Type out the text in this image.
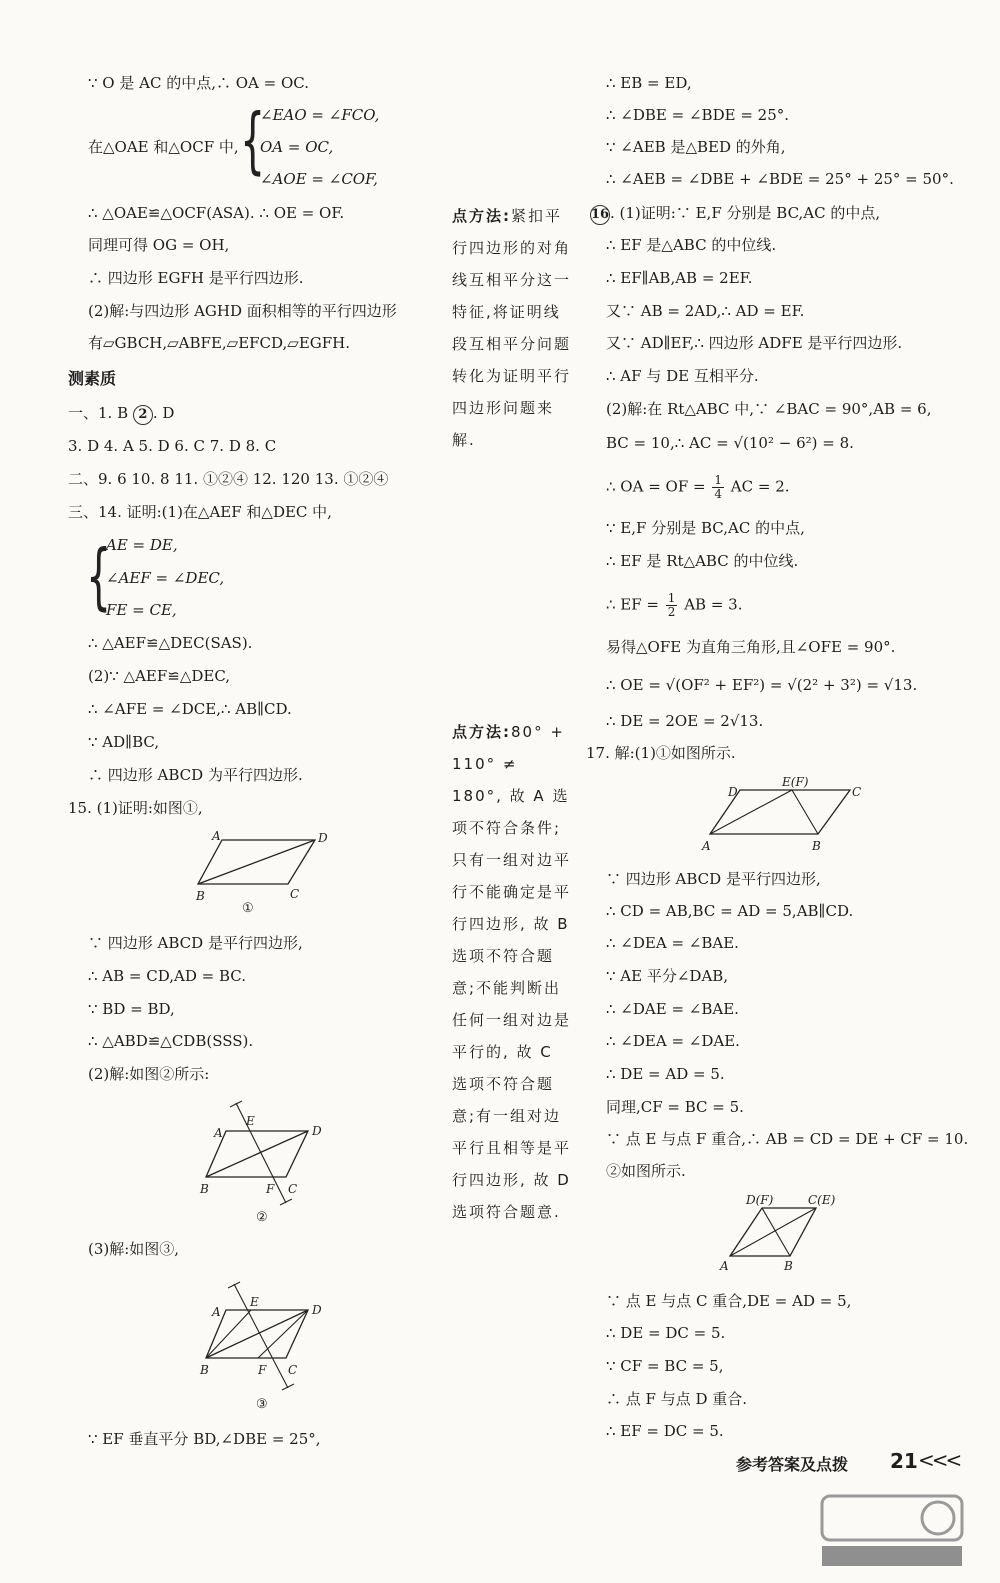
∵ O 是 AC 的中点,∴ OA = OC.
在△OAE 和△OCF 中, {
∠EAO = ∠FCO,
OA = OC,
∠AOE = ∠COF,
∴ △OAE≌△OCF(ASA). ∴ OE = OF.
同理可得 OG = OH,
∴ 四边形 EGFH 是平行四边形.
(2)解:与四边形 AGHD 面积相等的平行四边形
有▱GBCH,▱ABFE,▱EFCD,▱EGFH.
测素质
一、1. B 2 . D
3. D 4. A 5. D 6. C 7. D 8. C
二、9. 6 10. 8 11. ①②④ 12. 120 13. ①②④
三、14. 证明:(1)在△AEF 和△DEC 中,
{
AE = DE,
∠AEF = ∠DEC,
FE = CE,
∴ △AEF≌△DEC(SAS).
(2)∵ △AEF≌△DEC,
∴ ∠AFE = ∠DCE,∴ AB∥CD.
∵ AD∥BC,
∴ 四边形 ABCD 为平行四边形.
15. (1)证明:如图①,
A	D
B	C
①
∵ 四边形 ABCD 是平行四边形,
∴ AB = CD,AD = BC.
∵ BD = BD,
∴ △ABD≌△CDB(SSS).
(2)解:如图②所示:
A
E
D
B	F C
②
(3)解:如图③,
A
E
D
B	F C
③
∵ EF 垂直平分 BD,∠DBE = 25°,
点方法:紧扣平行四边形的对角线互相平分这一特征,将证明线段互相平分问题转化为证明平行四边形问题来解.
点方法:80° + 110° ≠ 180°, 故 A 选项不符合条件;只有一组对边平行不能确定是平行四边形, 故 B 选项不符合题意;不能判断出任何一组对边是平行的, 故 C 选项不符合题意;有一组对边平行且相等是平行四边形, 故 D 选项符合题意.
∴ EB = ED,
∴ ∠DBE = ∠BDE = 25°.
∵ ∠AEB 是△BED 的外角,
∴ ∠AEB = ∠DBE + ∠BDE = 25° + 25° = 50°.
16. (1)证明:∵ E,F 分别是 BC,AC 的中点,
∴ EF 是△ABC 的中位线.
∴ EF∥AB,AB = 2EF.
又∵ AB = 2AD,∴ AD = EF.
又∵ AD∥EF,∴ 四边形 ADFE 是平行四边形.
∴ AF 与 DE 互相平分.
(2)解:在 Rt△ABC 中,∵ ∠BAC = 90°,AB = 6,
BC = 10,∴ AC = √(10² − 6²) = 8.
∴ OA = OF = $\frac{1}{4}$ AC = 2.
∵ E,F 分别是 BC,AC 的中点,
∴ EF 是 Rt△ABC 的中位线.
∴ EF = $\frac{1}{2}$ AB = 3.
易得△OFE 为直角三角形,且∠OFE = 90°.
∴ OE = √(OF² + EF²) = √(2² + 3²) = √13.
∴ DE = 2OE = 2√13.
17. 解:(1)①如图所示.
D
E(F)
C
A	B
∵ 四边形 ABCD 是平行四边形,
∴ CD = AB,BC = AD = 5,AB∥CD.
∴ ∠DEA = ∠BAE.
∵ AE 平分∠DAB,
∴ ∠DAE = ∠BAE.
∴ ∠DEA = ∠DAE.
∴ DE = AD = 5.
同理,CF = BC = 5.
∵ 点 E 与点 F 重合,∴ AB = CD = DE + CF = 10.
②如图所示.
D(F)	C(E)
A	B
∵ 点 E 与点 C 重合,DE = AD = 5,
∴ DE = DC = 5.
∵ CF = BC = 5,
∴ 点 F 与点 D 重合.
∴ EF = DC = 5.
参考答案及点拨 21 <<<
